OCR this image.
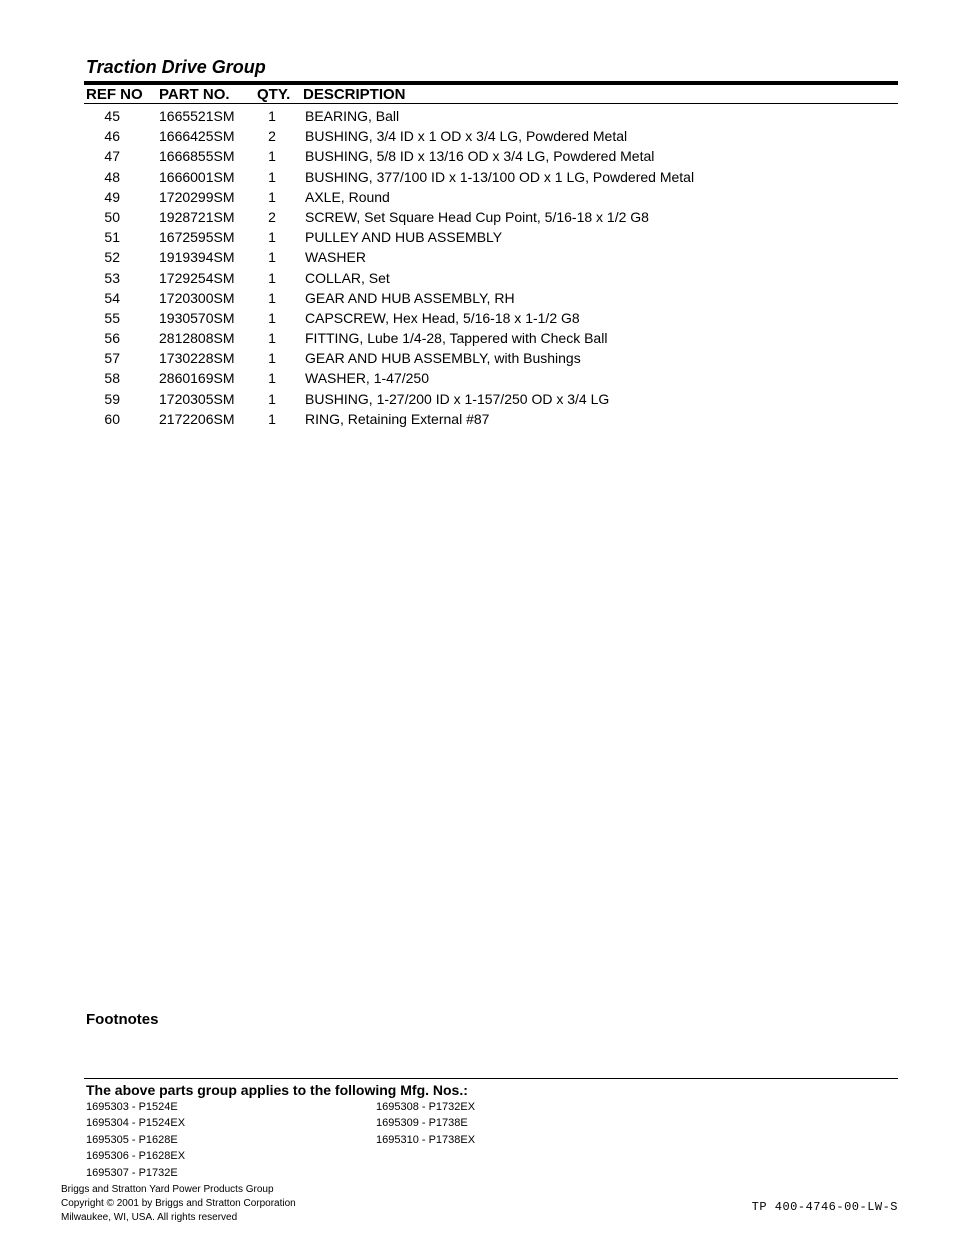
Traction Drive Group
REF NO PART NO. QTY. DESCRIPTION
45	1665521SM	1	BEARING, Ball
46	1666425SM	2	BUSHING, 3/4 ID x 1 OD x 3/4 LG, Powdered Metal
47	1666855SM	1	BUSHING, 5/8 ID x 13/16 OD x 3/4 LG, Powdered Metal
48	1666001SM	1	BUSHING, 377/100 ID x 1-13/100 OD x 1 LG, Powdered Metal
49	1720299SM	1	AXLE, Round
50	1928721SM	2	SCREW, Set Square Head Cup Point, 5/16-18 x 1/2 G8
51	1672595SM	1	PULLEY AND HUB ASSEMBLY
52	1919394SM	1	WASHER
53	1729254SM	1	COLLAR, Set
54	1720300SM	1	GEAR AND HUB ASSEMBLY, RH
55	1930570SM	1	CAPSCREW, Hex Head, 5/16-18 x 1-1/2 G8
56	2812808SM	1	FITTING, Lube 1/4-28, Tappered with Check Ball
57	1730228SM	1	GEAR AND HUB ASSEMBLY, with Bushings
58	2860169SM	1	WASHER, 1-47/250
59	1720305SM	1	BUSHING, 1-27/200 ID x 1-157/250 OD x 3/4 LG
60	2172206SM	1	RING, Retaining External #87
Footnotes
The above parts group applies to the following Mfg. Nos.:
1695303 - P1524E
1695304 - P1524EX
1695305 - P1628E
1695306 - P1628EX
1695307 - P1732E
1695308 - P1732EX
1695309 - P1738E
1695310 - P1738EX
Briggs and Stratton Yard Power Products Group
Copyright © 2001 by Briggs and Stratton Corporation
Milwaukee, WI, USA. All rights reserved
TP 400-4746-00-LW-S
